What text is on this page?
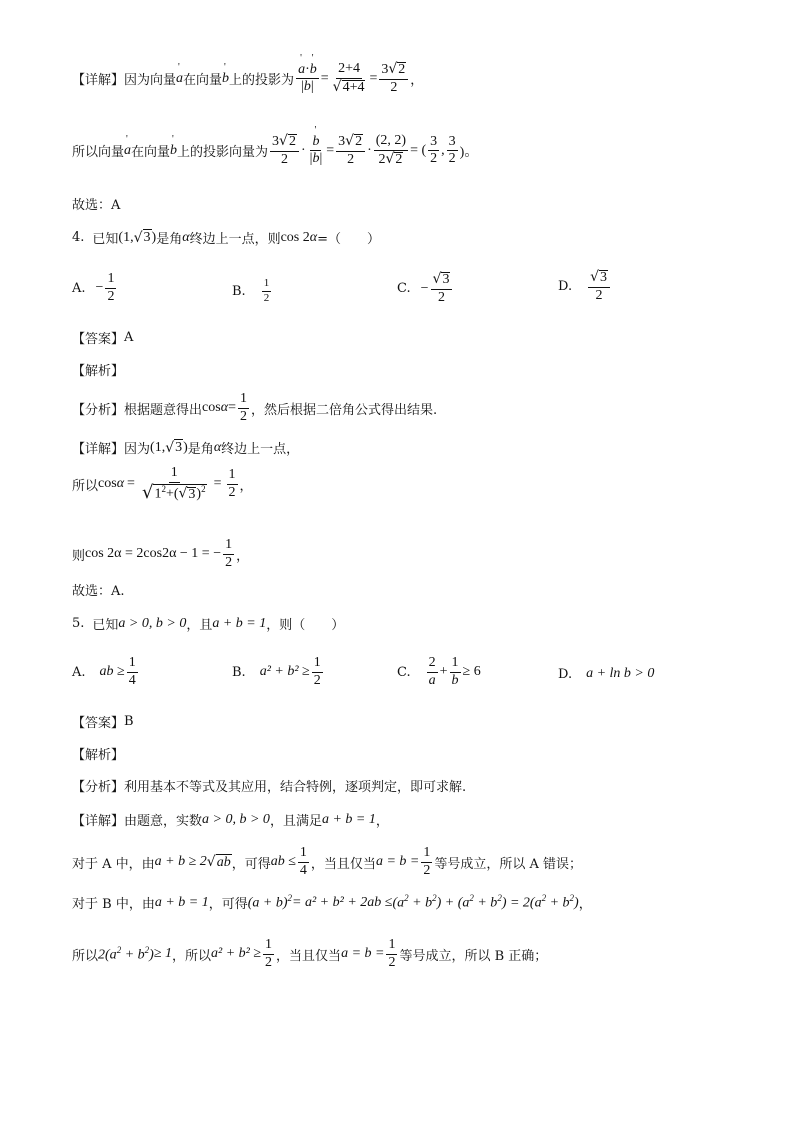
【详解】 因为向量 ' a 在向量 ' b 上的投影为 ' $\frac{a\cdot' b}{|b|} = \frac{2+4}{√4+4} = \frac{3√2}{2}$ ，
所以向量 ' a 在向量 ' b 上的投影向量为 $\frac{3√2}{2}$ · ' $\frac{b}{|b|} = \frac{3√2}{2} \cdot \frac{(2, 2)}{2√2}$ = ( $\frac{3}{2}$ , $\frac{3}{2}$ )。
故选：A
4. 已知 (1, √ 3 ) 是角 α 终边上一点，则 cos 2 α =（　　）
A. − $\frac{1}{2}$	B. $\frac{1}{2}$	C. − $\frac{√3}{2}$	D. $\frac{√3}{2}$
【答案】 A
【解析】
【分析】 根据题意得出 $\cos \alpha = \frac{1}{2}$ ，然后根据二倍角公式得出结果.
【详解】 因为 (1, √ 3 ) 是角 α 终边上一点，
所以 $\cos \alpha = \frac{1}{√1^2+(√3)^2} = \frac{1}{2}$ ，
则 cos 2α = 2cos 2 α − 1 = − $\frac{1}{2}$ ，
故选：A.
5. 已知 a > 0, b > 0 ，且 a + b = 1 ，则（　　）
A. ab ≥ $\frac{1}{4}$	B. $a^2 + b^2 \ge \frac{1}{2}$	C. $\frac{2}{a} + \frac{1}{b} \ge 6$	D. a + ln b > 0
【答案】 B
【解析】
【分析】 利用基本不等式及其应用，结合特例，逐项判定，即可求解.
【详解】 由题意，实数 a > 0, b > 0 ，且满足 a + b = 1 ，
对于 A 中，由 a + b ≥ 2 √ ab ，可得 ab ≤ $\frac{1}{4}$ ，当且仅当 $a = b = \frac{1}{2}$ 等号成立，所以 A 错误；
对于 B 中，由 a + b = 1 ，可得 $(a + b)^2 = a^2 + b^2 + 2ab \le (a^2 + b^2) + (a^2 + b^2) = 2(a^2 + b^2)$ ，
所以 $2(a^2 + b^2) \ge 1$ ，所以 $a^2 + b^2 \ge \frac{1}{2}$ ，当且仅当 $a = b = \frac{1}{2}$ 等号成立，所以 B 正确；
